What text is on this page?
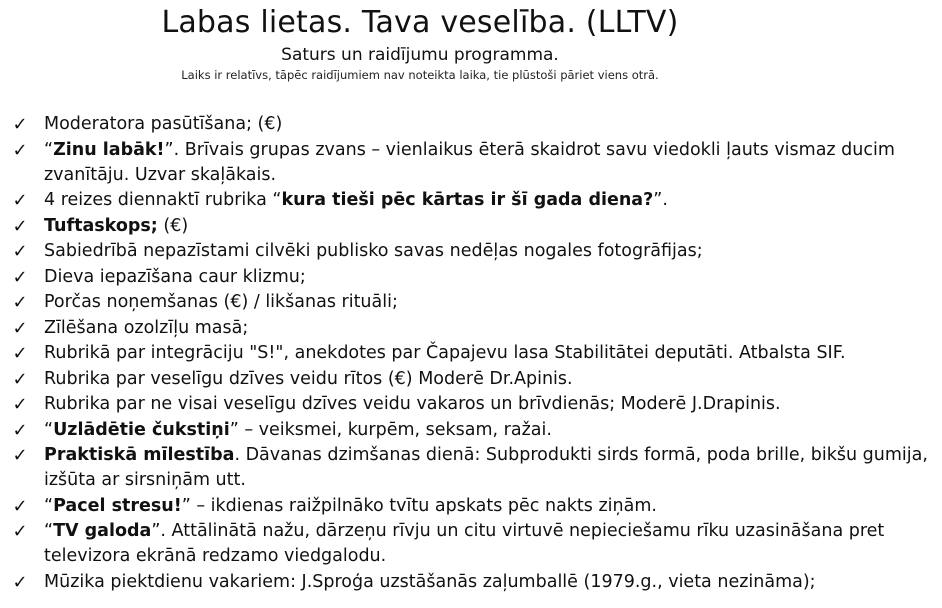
Labas lietas. Tava veselība. (LLTV)
Saturs un raidījumu programma.
Laiks ir relatīvs, tāpēc raidījumiem nav noteikta laika, tie plūstoši pāriet viens otrā.
✓ Moderatora pasūtīšana; (€)
✓ “Zinu labāk!”. Brīvais grupas zvans – vienlaikus ēterā skaidrot savu viedokli ļauts vismaz ducim zvanītāju. Uzvar skaļākais.
✓ 4 reizes diennaktī rubrika “kura tieši pēc kārtas ir šī gada diena?”.
✓ Tuftaskops; (€)
✓ Sabiedrībā nepazīstami cilvēki publisko savas nedēļas nogales fotogrāfijas;
✓ Dieva iepazīšana caur klizmu;
✓ Porčas noņemšanas (€) / likšanas rituāli;
✓ Zīlēšana ozolzīļu masā;
✓ Rubrikā par integrāciju "S!", anekdotes par Čapajevu lasa Stabilitātei deputāti. Atbalsta SIF.
✓ Rubrika par veselīgu dzīves veidu rītos (€) Moderē Dr.Apinis.
✓ Rubrika par ne visai veselīgu dzīves veidu vakaros un brīvdienās; Moderē J.Drapinis.
✓ “Uzlādētie čukstiņi” – veiksmei, kurpēm, seksam, ražai.
✓ Praktiskā mīlestība. Dāvanas dzimšanas dienā: Subprodukti sirds formā, poda brille, bikšu gumija, izšūta ar sirsniņām utt.
✓ “Pacel stresu!” – ikdienas raižpilnāko tvītu apskats pēc nakts ziņām.
✓ “TV galoda”. Attālinātā nažu, dārzeņu rīvju un citu virtuvē nepieciešamu rīku uzasināšana pret televizora ekrānā redzamo viedgalodu.
✓ Mūzika piektdienu vakariem: J.Sproģa uzstāšanās zaļumballē (1979.g., vieta nezināma);
